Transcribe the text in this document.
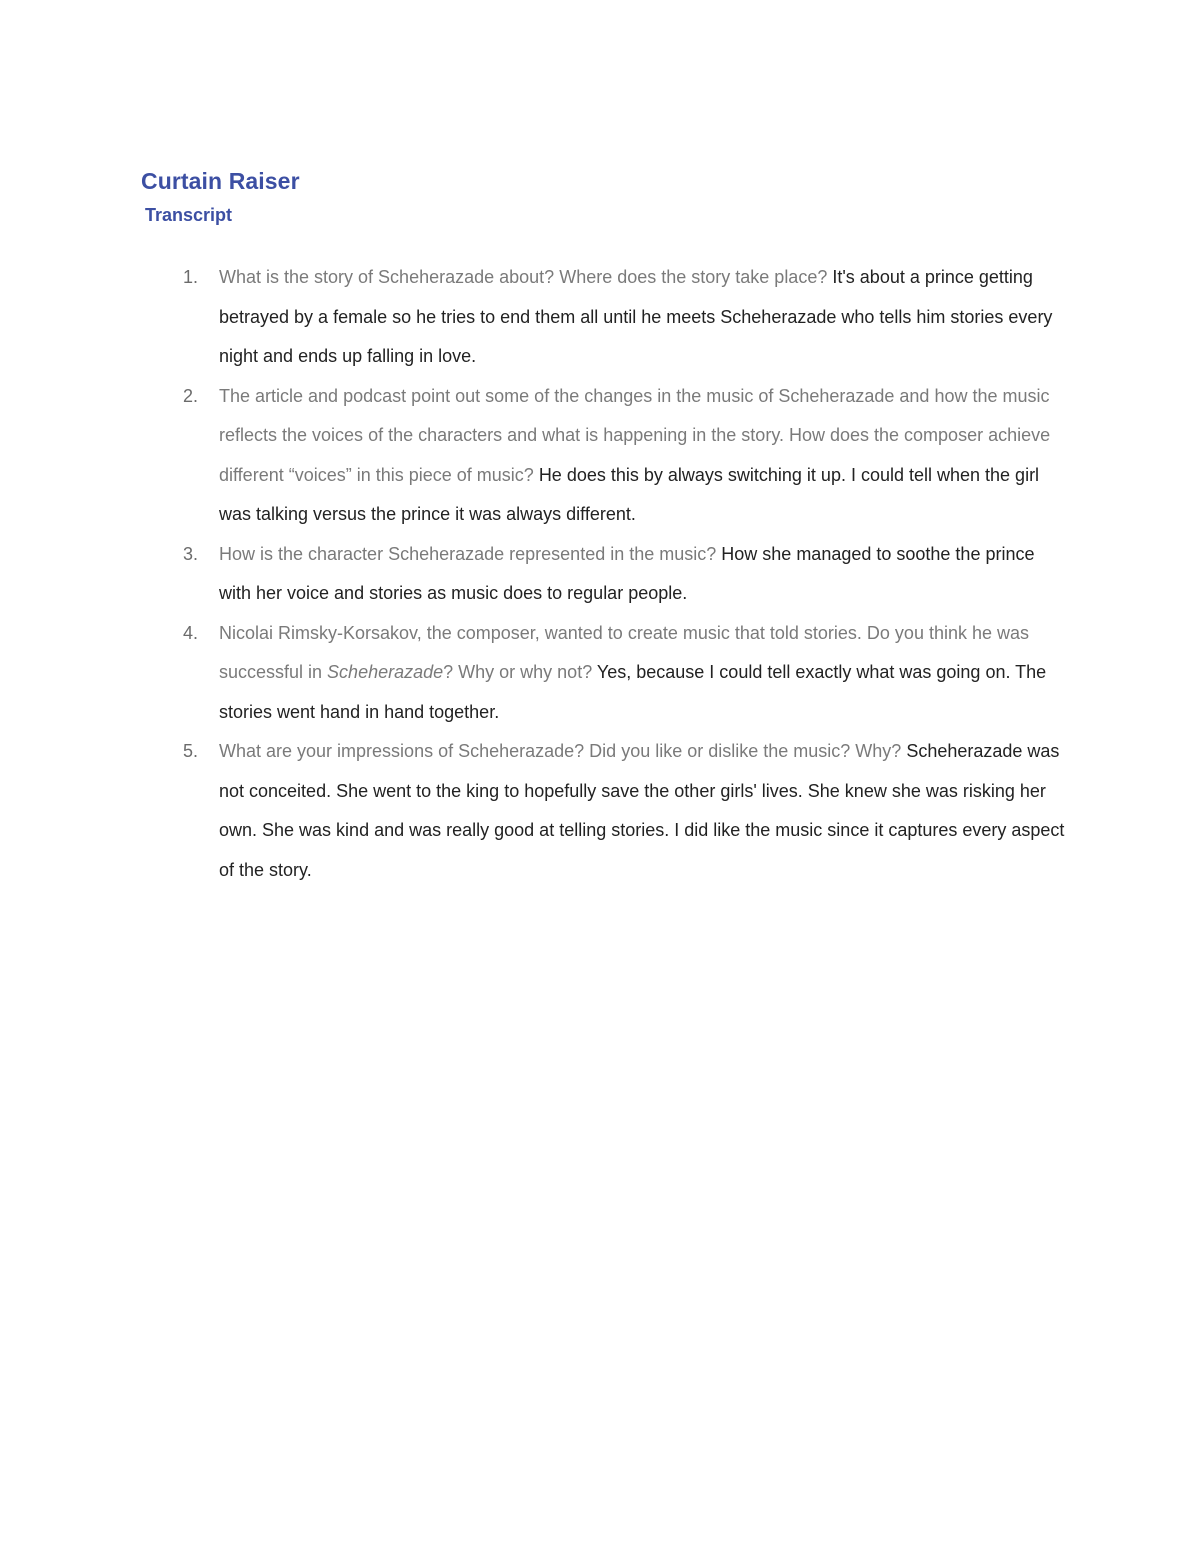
Curtain Raiser
Transcript
1. What is the story of Scheherazade about? Where does the story take place? It's about a prince getting betrayed by a female so he tries to end them all until he meets Scheherazade who tells him stories every night and ends up falling in love.
2. The article and podcast point out some of the changes in the music of Scheherazade and how the music reflects the voices of the characters and what is happening in the story. How does the composer achieve different “voices” in this piece of music? He does this by always switching it up. I could tell when the girl was talking versus the prince it was always different.
3. How is the character Scheherazade represented in the music? How she managed to soothe the prince with her voice and stories as music does to regular people.
4. Nicolai Rimsky-Korsakov, the composer, wanted to create music that told stories. Do you think he was successful in Scheherazade? Why or why not? Yes, because I could tell exactly what was going on. The stories went hand in hand together.
5. What are your impressions of Scheherazade? Did you like or dislike the music? Why? Scheherazade was not conceited. She went to the king to hopefully save the other girls' lives. She knew she was risking her own. She was kind and was really good at telling stories. I did like the music since it captures every aspect of the story.
